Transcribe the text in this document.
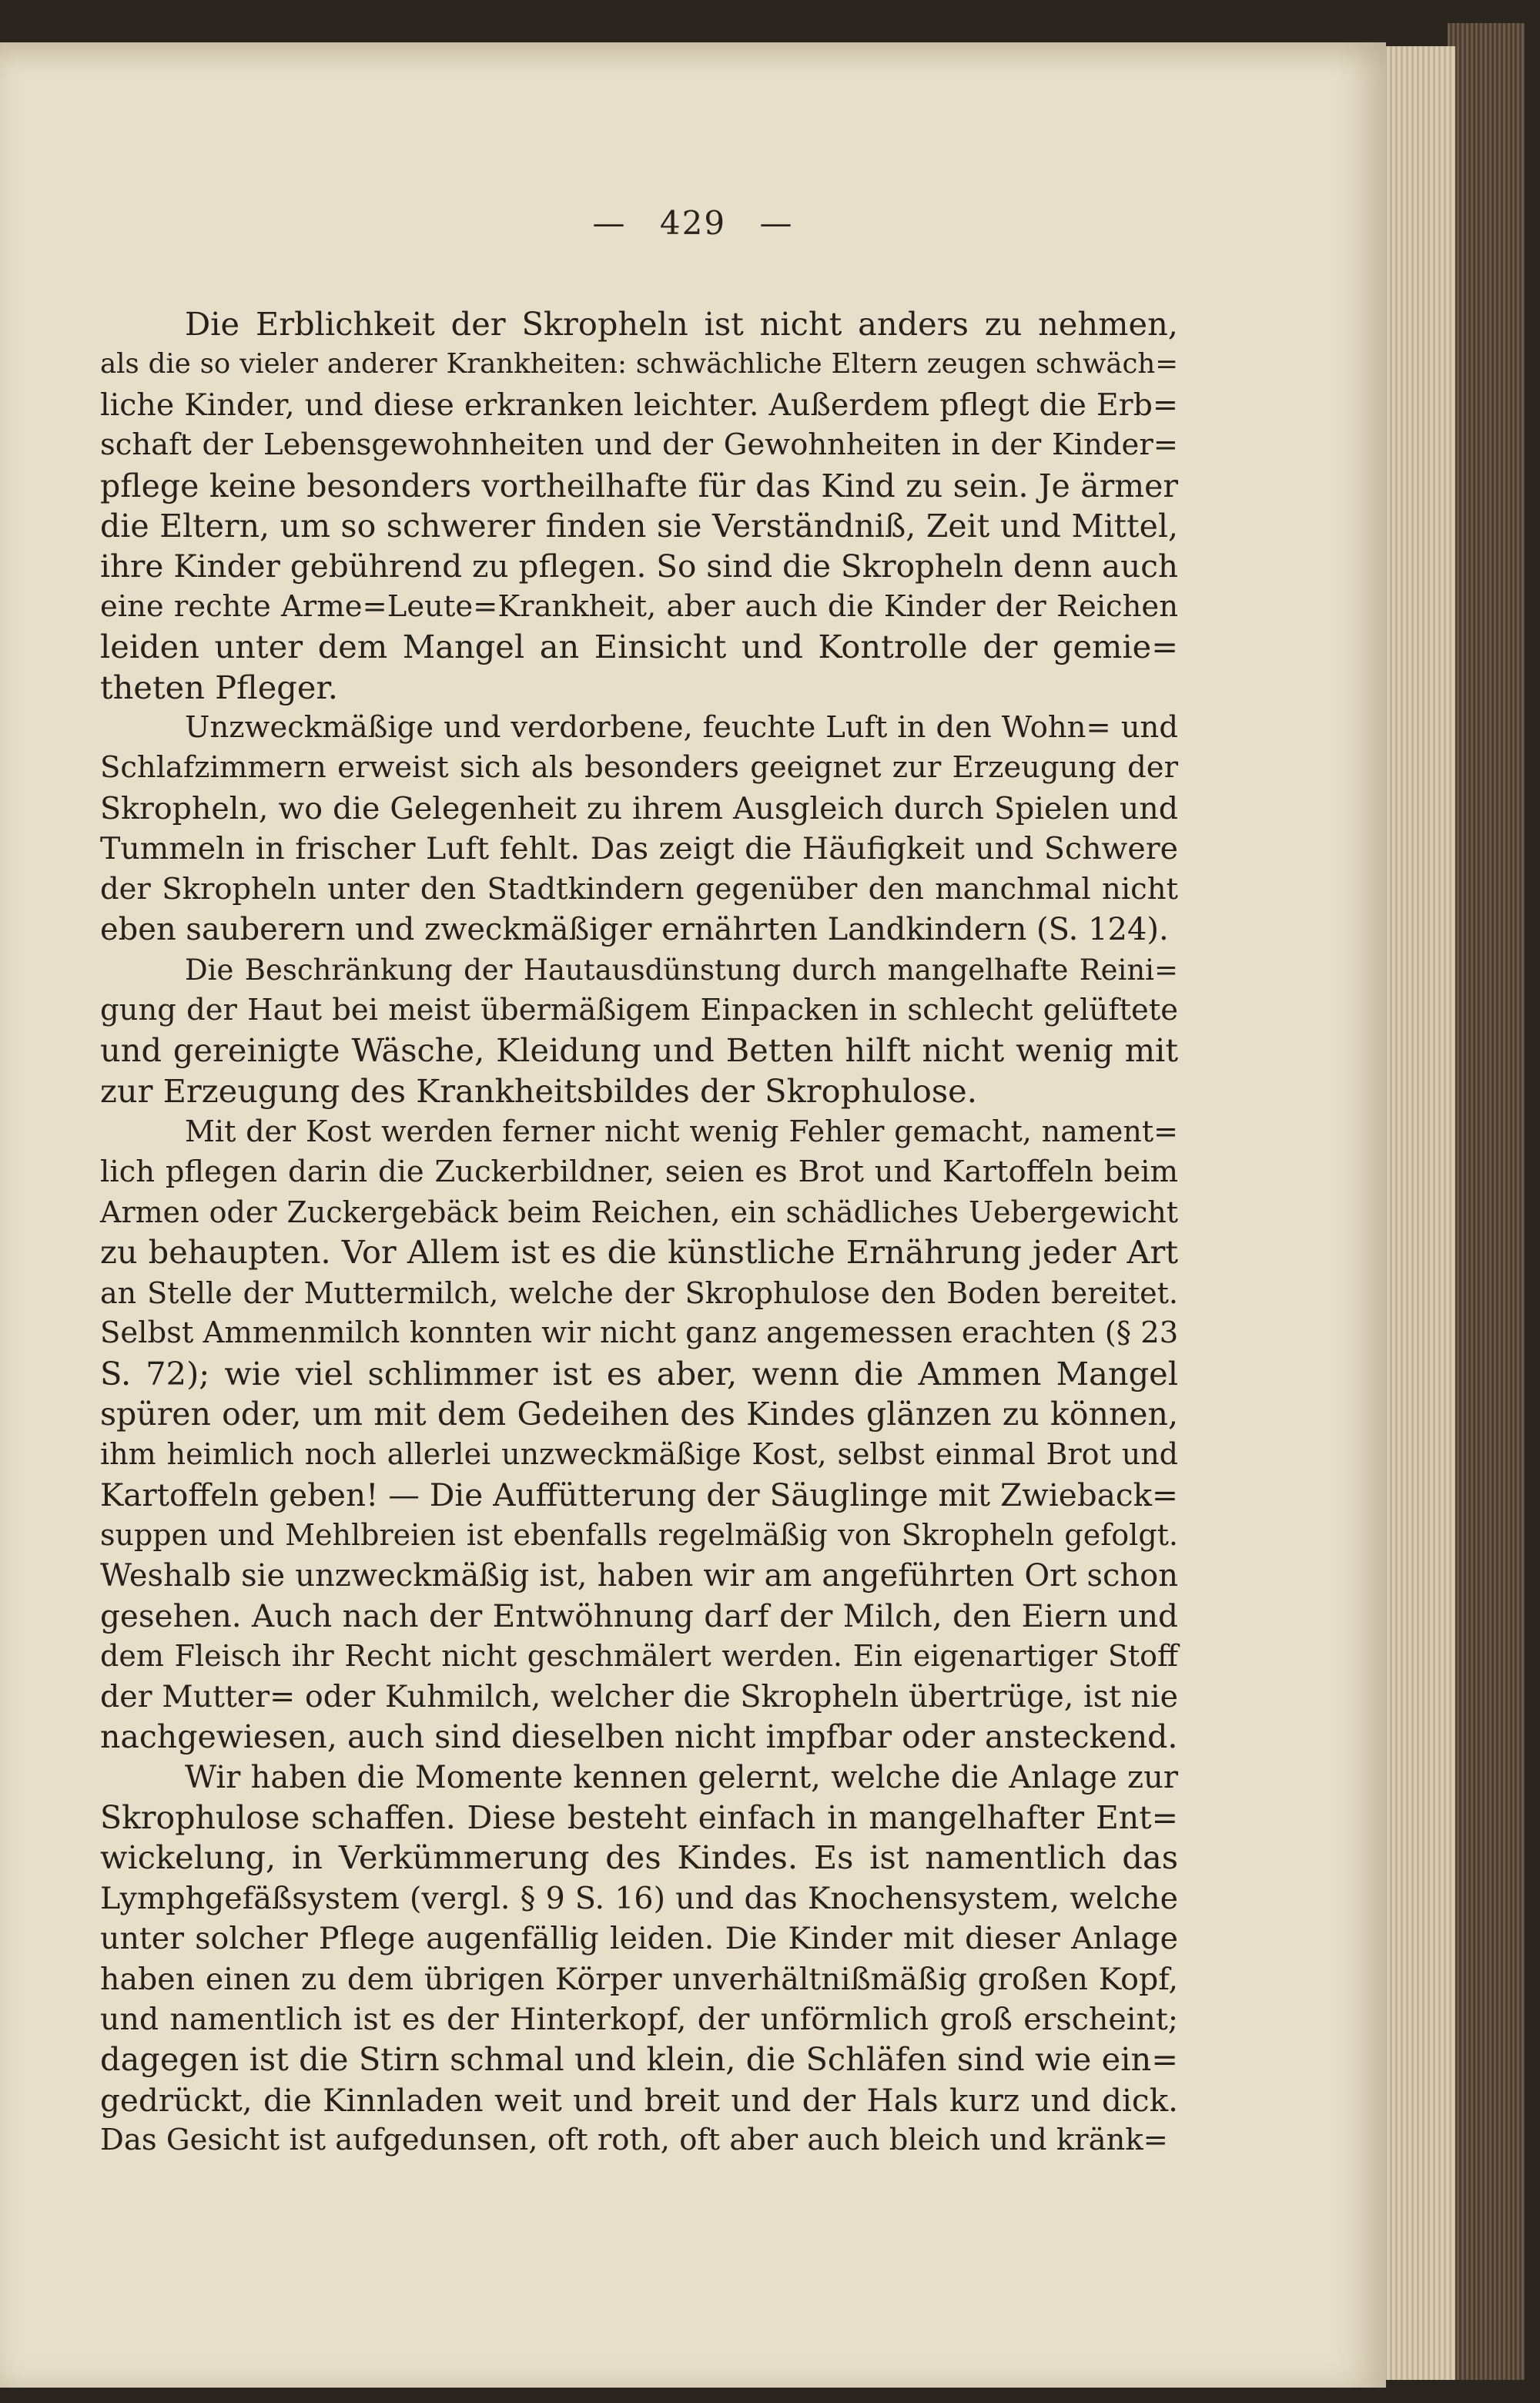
— 429 —
Die Erblichkeit der Skropheln ist nicht anders zu nehmen,
als die so vieler anderer Krankheiten: schwächliche Eltern zeugen schwäch=
liche Kinder, und diese erkranken leichter. Außerdem pflegt die Erb=
schaft der Lebensgewohnheiten und der Gewohnheiten in der Kinder=
pflege keine besonders vortheilhafte für das Kind zu sein. Je ärmer
die Eltern, um so schwerer finden sie Verständniß, Zeit und Mittel,
ihre Kinder gebührend zu pflegen. So sind die Skropheln denn auch
eine rechte Arme=Leute=Krankheit, aber auch die Kinder der Reichen
leiden unter dem Mangel an Einsicht und Kontrolle der gemie=
theten Pfleger.
Unzweckmäßige und verdorbene, feuchte Luft in den Wohn= und
Schlafzimmern erweist sich als besonders geeignet zur Erzeugung der
Skropheln, wo die Gelegenheit zu ihrem Ausgleich durch Spielen und
Tummeln in frischer Luft fehlt. Das zeigt die Häufigkeit und Schwere
der Skropheln unter den Stadtkindern gegenüber den manchmal nicht
eben sauberern und zweckmäßiger ernährten Landkindern (S. 124).
Die Beschränkung der Hautausdünstung durch mangelhafte Reini=
gung der Haut bei meist übermäßigem Einpacken in schlecht gelüftete
und gereinigte Wäsche, Kleidung und Betten hilft nicht wenig mit
zur Erzeugung des Krankheitsbildes der Skrophulose.
Mit der Kost werden ferner nicht wenig Fehler gemacht, nament=
lich pflegen darin die Zuckerbildner, seien es Brot und Kartoffeln beim
Armen oder Zuckergebäck beim Reichen, ein schädliches Uebergewicht
zu behaupten. Vor Allem ist es die künstliche Ernährung jeder Art
an Stelle der Muttermilch, welche der Skrophulose den Boden bereitet.
Selbst Ammenmilch konnten wir nicht ganz angemessen erachten (§ 23
S. 72); wie viel schlimmer ist es aber, wenn die Ammen Mangel
spüren oder, um mit dem Gedeihen des Kindes glänzen zu können,
ihm heimlich noch allerlei unzweckmäßige Kost, selbst einmal Brot und
Kartoffeln geben! — Die Auffütterung der Säuglinge mit Zwieback=
suppen und Mehlbreien ist ebenfalls regelmäßig von Skropheln gefolgt.
Weshalb sie unzweckmäßig ist, haben wir am angeführten Ort schon
gesehen. Auch nach der Entwöhnung darf der Milch, den Eiern und
dem Fleisch ihr Recht nicht geschmälert werden. Ein eigenartiger Stoff
der Mutter= oder Kuhmilch, welcher die Skropheln übertrüge, ist nie
nachgewiesen, auch sind dieselben nicht impfbar oder ansteckend.
Wir haben die Momente kennen gelernt, welche die Anlage zur
Skrophulose schaffen. Diese besteht einfach in mangelhafter Ent=
wickelung, in Verkümmerung des Kindes. Es ist namentlich das
Lymphgefäßsystem (vergl. § 9 S. 16) und das Knochensystem, welche
unter solcher Pflege augenfällig leiden. Die Kinder mit dieser Anlage
haben einen zu dem übrigen Körper unverhältnißmäßig großen Kopf,
und namentlich ist es der Hinterkopf, der unförmlich groß erscheint;
dagegen ist die Stirn schmal und klein, die Schläfen sind wie ein=
gedrückt, die Kinnladen weit und breit und der Hals kurz und dick.
Das Gesicht ist aufgedunsen, oft roth, oft aber auch bleich und kränk=
